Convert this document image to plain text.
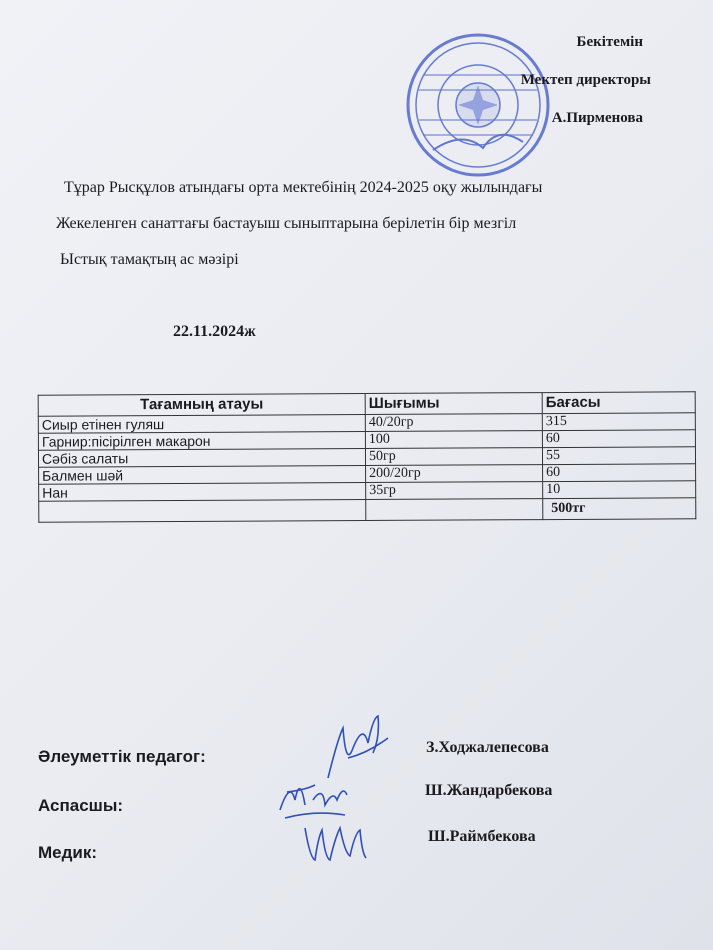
Бекітемін
Мектеп директоры
А.Пирменова
Тұрар Рысқұлов атындағы орта мектебінің 2024-2025 оқу жылындағы
Жекеленген санаттағы бастауыш сыныптарына берілетін бір мезгіл
Ыстық тамақтың ас мәзірі
22.11.2024ж
Тағамның атауы	Шығымы	Бағасы
Сиыр етінен гуляш	40/20гр	315
Гарнир:пісірілген макарон	100	60
Сәбіз салаты	50гр	55
Балмен шәй	200/20гр	60
Нан	35гр	10
		500тг
Әлеуметтік педагог:
Аспасшы:
Медик:
З.Ходжалепесова
Ш.Жандарбекова
Ш.Раймбекова
